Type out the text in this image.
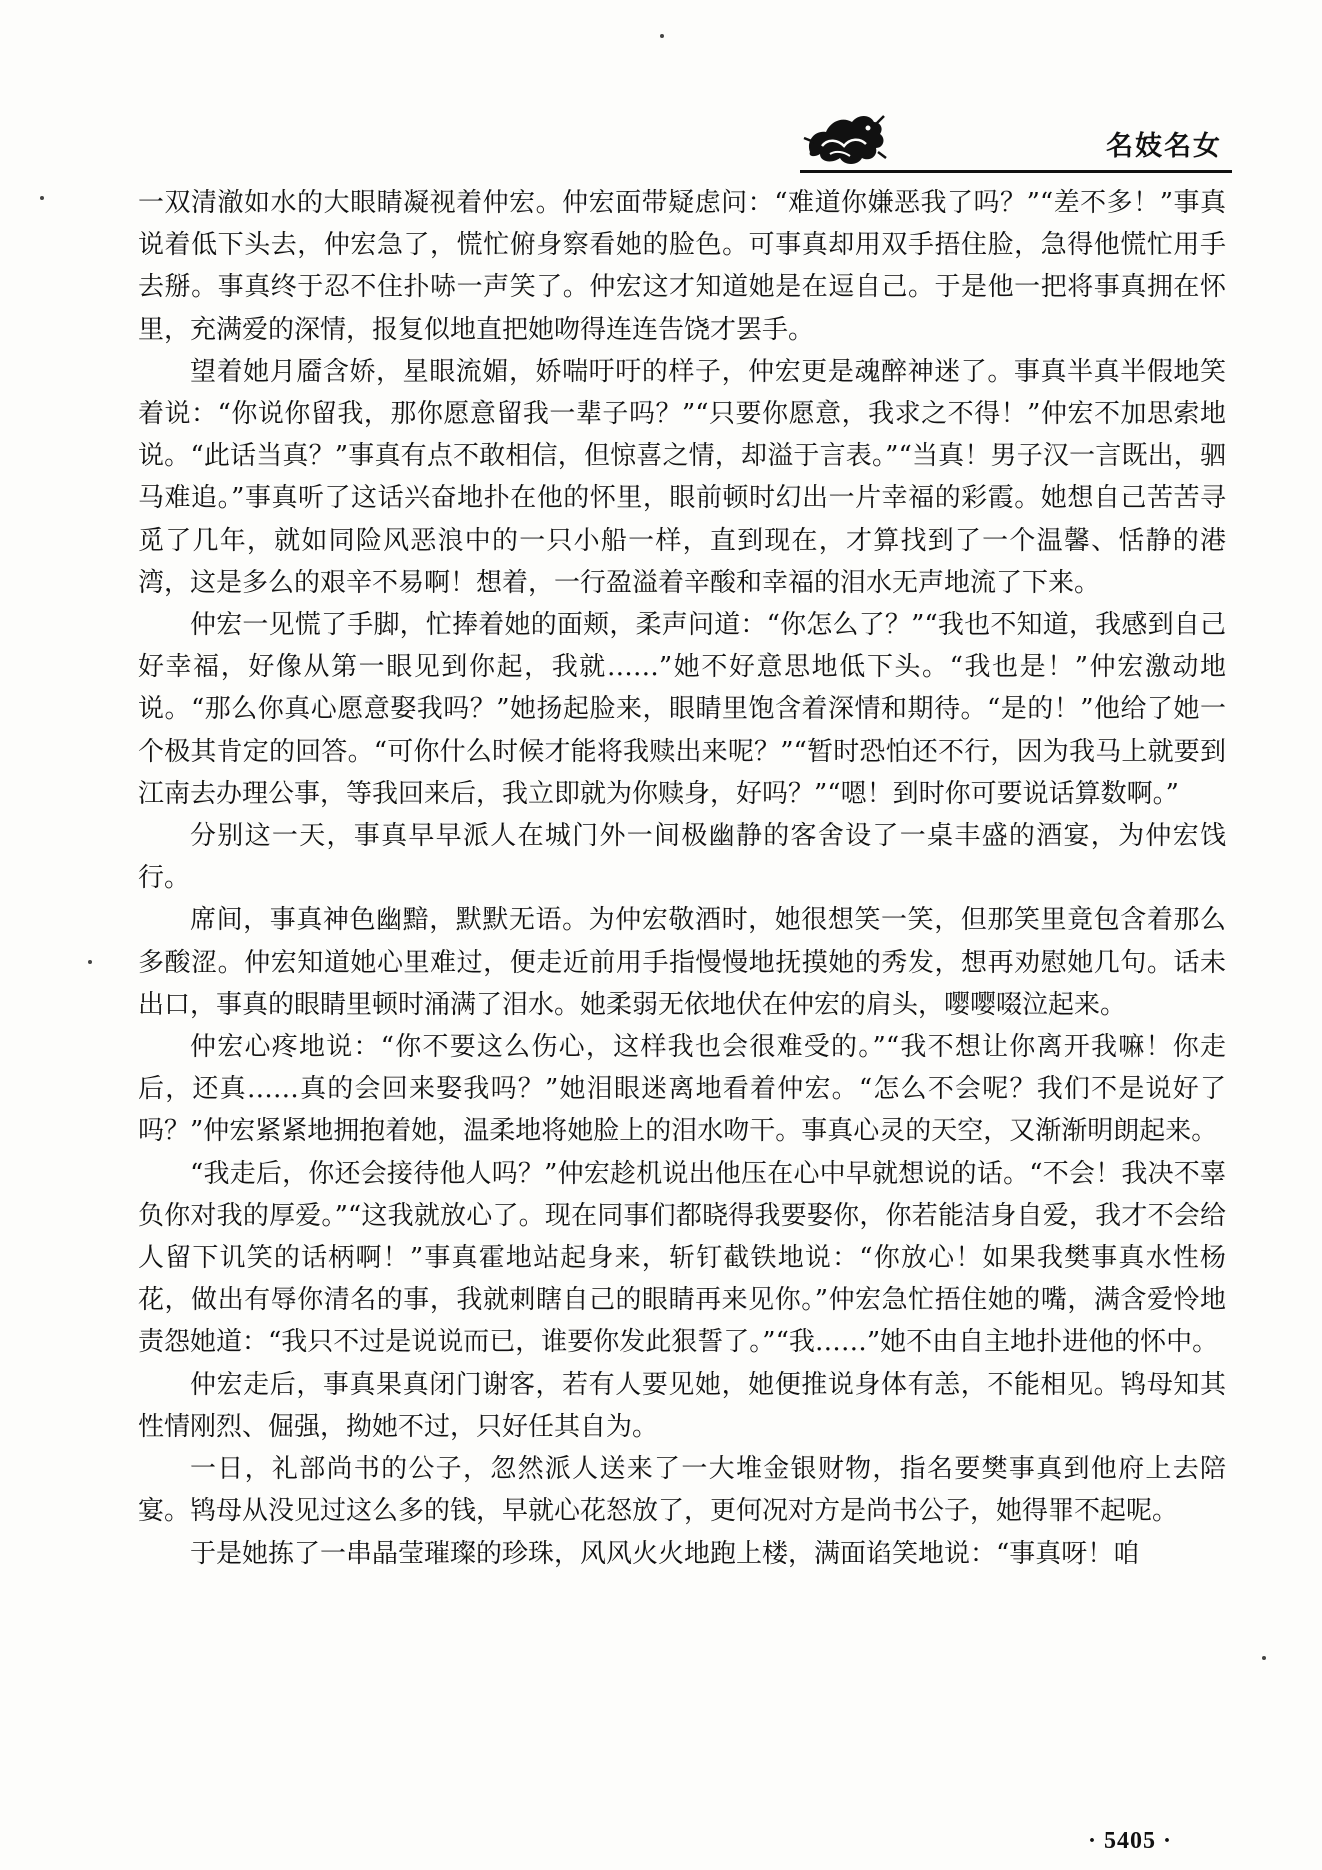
名妓名女

一双清澈如水的大眼睛凝视着仲宏。仲宏面带疑虑问：“难道你嫌恶我了吗？”“差不多！”事真说着低下头去，仲宏急了，慌忙俯身察看她的脸色。可事真却用双手捂住脸，急得他慌忙用手去掰。事真终于忍不住扑哧一声笑了。仲宏这才知道她是在逗自己。于是他一把将事真拥在怀里，充满爱的深情，报复似地直把她吻得连连告饶才罢手。

望着她月靥含娇，星眼流媚，娇喘吁吁的样子，仲宏更是魂醉神迷了。事真半真半假地笑着说：“你说你留我，那你愿意留我一辈子吗？”“只要你愿意，我求之不得！”仲宏不加思索地说。“此话当真？”事真有点不敢相信，但惊喜之情，却溢于言表。”“当真！男子汉一言既出，驷马难追。”事真听了这话兴奋地扑在他的怀里，眼前顿时幻出一片幸福的彩霞。她想自己苦苦寻觅了几年，就如同险风恶浪中的一只小船一样，直到现在，才算找到了一个温馨、恬静的港湾，这是多么的艰辛不易啊！想着，一行盈溢着辛酸和幸福的泪水无声地流了下来。

仲宏一见慌了手脚，忙捧着她的面颊，柔声问道：“你怎么了？”“我也不知道，我感到自己好幸福，好像从第一眼见到你起，我就……”她不好意思地低下头。“我也是！”仲宏激动地说。“那么你真心愿意娶我吗？”她扬起脸来，眼睛里饱含着深情和期待。“是的！”他给了她一个极其肯定的回答。“可你什么时候才能将我赎出来呢？”“暂时恐怕还不行，因为我马上就要到江南去办理公事，等我回来后，我立即就为你赎身，好吗？”“嗯！到时你可要说话算数啊。”

分别这一天，事真早早派人在城门外一间极幽静的客舍设了一桌丰盛的酒宴，为仲宏饯行。

席间，事真神色幽黯，默默无语。为仲宏敬酒时，她很想笑一笑，但那笑里竟包含着那么多酸涩。仲宏知道她心里难过，便走近前用手指慢慢地抚摸她的秀发，想再劝慰她几句。话未出口，事真的眼睛里顿时涌满了泪水。她柔弱无依地伏在仲宏的肩头，嘤嘤啜泣起来。

仲宏心疼地说：“你不要这么伤心，这样我也会很难受的。”“我不想让你离开我嘛！你走后，还真……真的会回来娶我吗？”她泪眼迷离地看着仲宏。“怎么不会呢？我们不是说好了吗？”仲宏紧紧地拥抱着她，温柔地将她脸上的泪水吻干。事真心灵的天空，又渐渐明朗起来。

“我走后，你还会接待他人吗？”仲宏趁机说出他压在心中早就想说的话。“不会！我决不辜负你对我的厚爱。”“这我就放心了。现在同事们都晓得我要娶你，你若能洁身自爱，我才不会给人留下讥笑的话柄啊！”事真霍地站起身来，斩钉截铁地说：“你放心！如果我樊事真水性杨花，做出有辱你清名的事，我就刺瞎自己的眼睛再来见你。”仲宏急忙捂住她的嘴，满含爱怜地责怨她道：“我只不过是说说而已，谁要你发此狠誓了。”“我……”她不由自主地扑进他的怀中。

仲宏走后，事真果真闭门谢客，若有人要见她，她便推说身体有恙，不能相见。鸨母知其性情刚烈、倔强，拗她不过，只好任其自为。

一日，礼部尚书的公子，忽然派人送来了一大堆金银财物，指名要樊事真到他府上去陪宴。鸨母从没见过这么多的钱，早就心花怒放了，更何况对方是尚书公子，她得罪不起呢。

于是她拣了一串晶莹璀璨的珍珠，风风火火地跑上楼，满面谄笑地说：“事真呀！咱

· 5405 ·
